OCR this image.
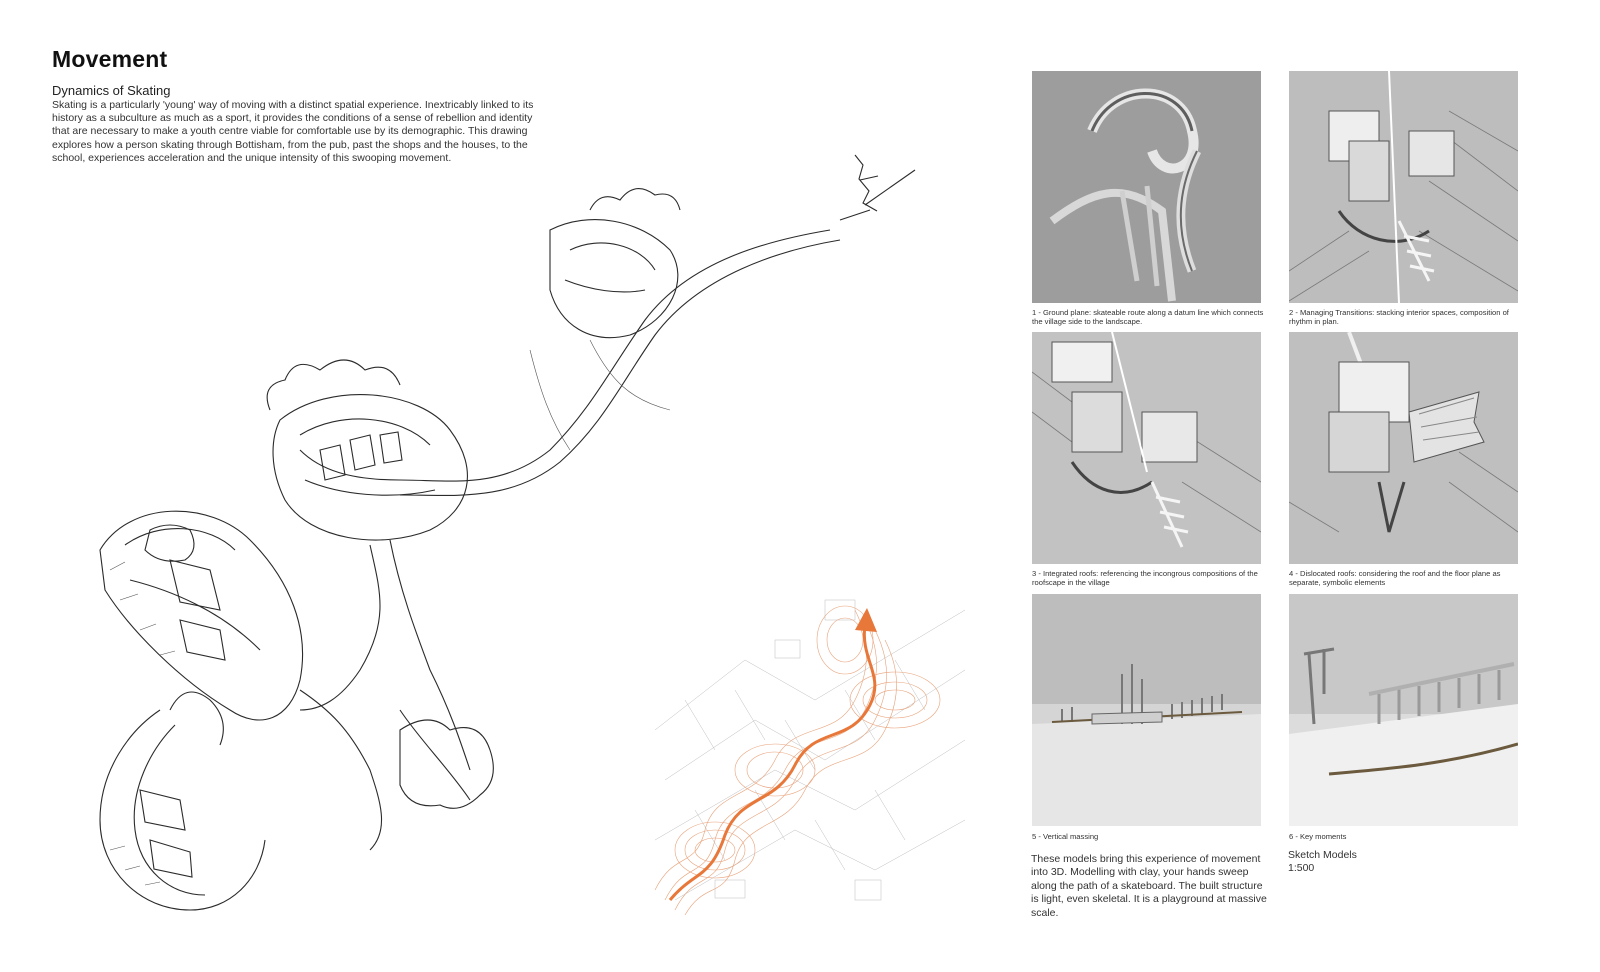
Movement
Dynamics of Skating
Skating is a particularly 'young' way of moving with a distinct spatial experience. Inextricably linked to its history as a subculture as much as a sport, it provides the conditions of a sense of rebellion and identity that are necessary to make a youth centre viable for comfortable use by its demographic. This drawing explores how a person skating through Bottisham, from the pub, past the shops and the houses, to the school, experiences acceleration and the unique intensity of this swooping movement.
1 - Ground plane: skateable route along a datum line which connects the village side to the landscape.
2 - Managing Transitions: stacking interior spaces, composition of rhythm in plan.
3 - Integrated roofs: referencing the incongrous compositions of the roofscape in the village
4 - Dislocated roofs: considering the roof and the floor plane as separate, symbolic elements
5 - Vertical massing	6 - Key moments
These models bring this experience of movement into 3D. Modelling with clay, your hands sweep along the path of a skateboard. The built structure is light, even skeletal. It is a playground at massive scale.
Sketch Models
1:500
